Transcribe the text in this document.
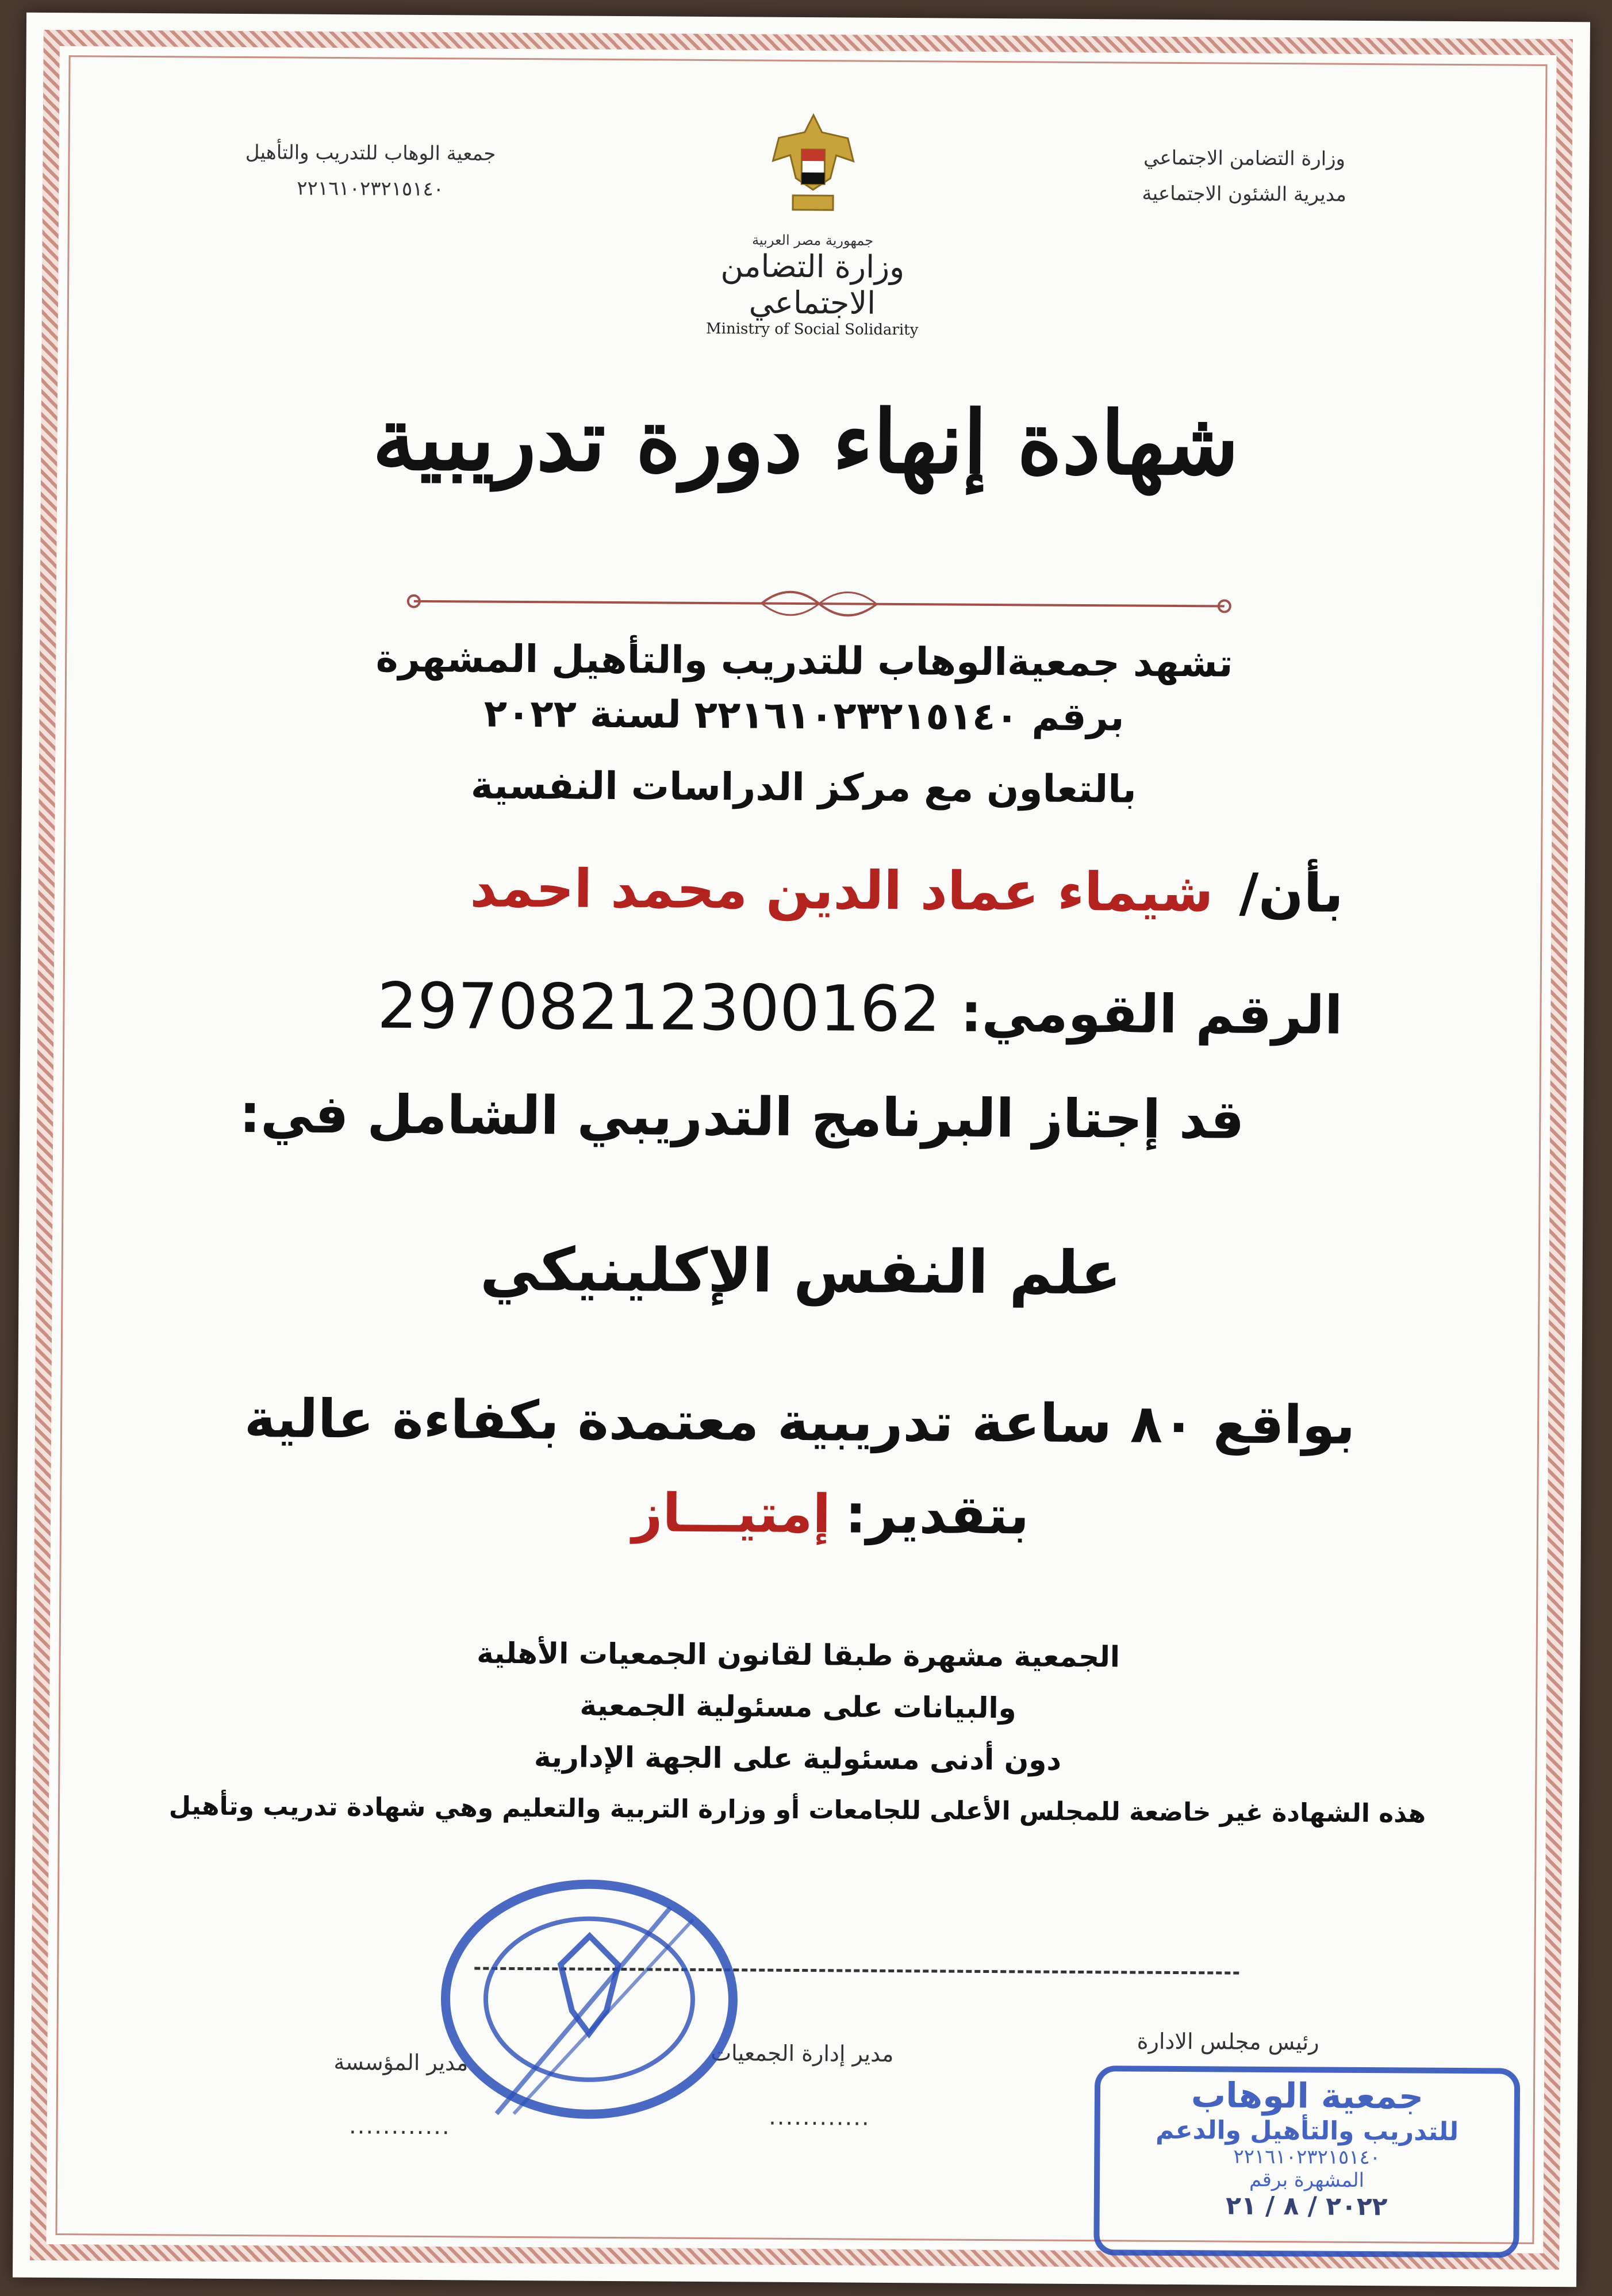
وزارة التضامن الاجتماعي
مديرية الشئون الاجتماعية
جمعية الوهاب للتدريب والتأهيل
٢٢١٦١٠٢٣٢١٥١٤٠
جمهورية مصر العربية
وزارة التضامن الاجتماعي
Ministry of Social Solidarity
شهادة إنهاء دورة تدريبية
تشهد جمعيةالوهاب للتدريب والتأهيل المشهرة
برقم ٢٢١٦١٠٢٣٢١٥١٤٠ لسنة ٢٠٢٢
بالتعاون مع مركز الدراسات النفسية
بأن/ شيماء عماد الدين محمد احمد
الرقم القومي: 29708212300162
قد إجتاز البرنامج التدريبي الشامل في:
علم النفس الإكلينيكي
بواقع ٨٠ ساعة تدريبية معتمدة بكفاءة عالية
بتقدير: إمتيـــاز
الجمعية مشهرة طبقا لقانون الجمعيات الأهلية
والبيانات على مسئولية الجمعية
دون أدنى مسئولية على الجهة الإدارية
هذه الشهادة غير خاضعة للمجلس الأعلى للجامعات أو وزارة التربية والتعليم وهي شهادة تدريب وتأهيل
رئيس مجلس الادارة
مدير إدارة الجمعيات
مدير المؤسسة
............
............
جمعية الوهاب
للتدريب والتأهيل والدعم
٢٢١٦١٠٢٣٢١٥١٤٠
المشهرة برقم
٢٠٢٢ / ٨ / ٢١
